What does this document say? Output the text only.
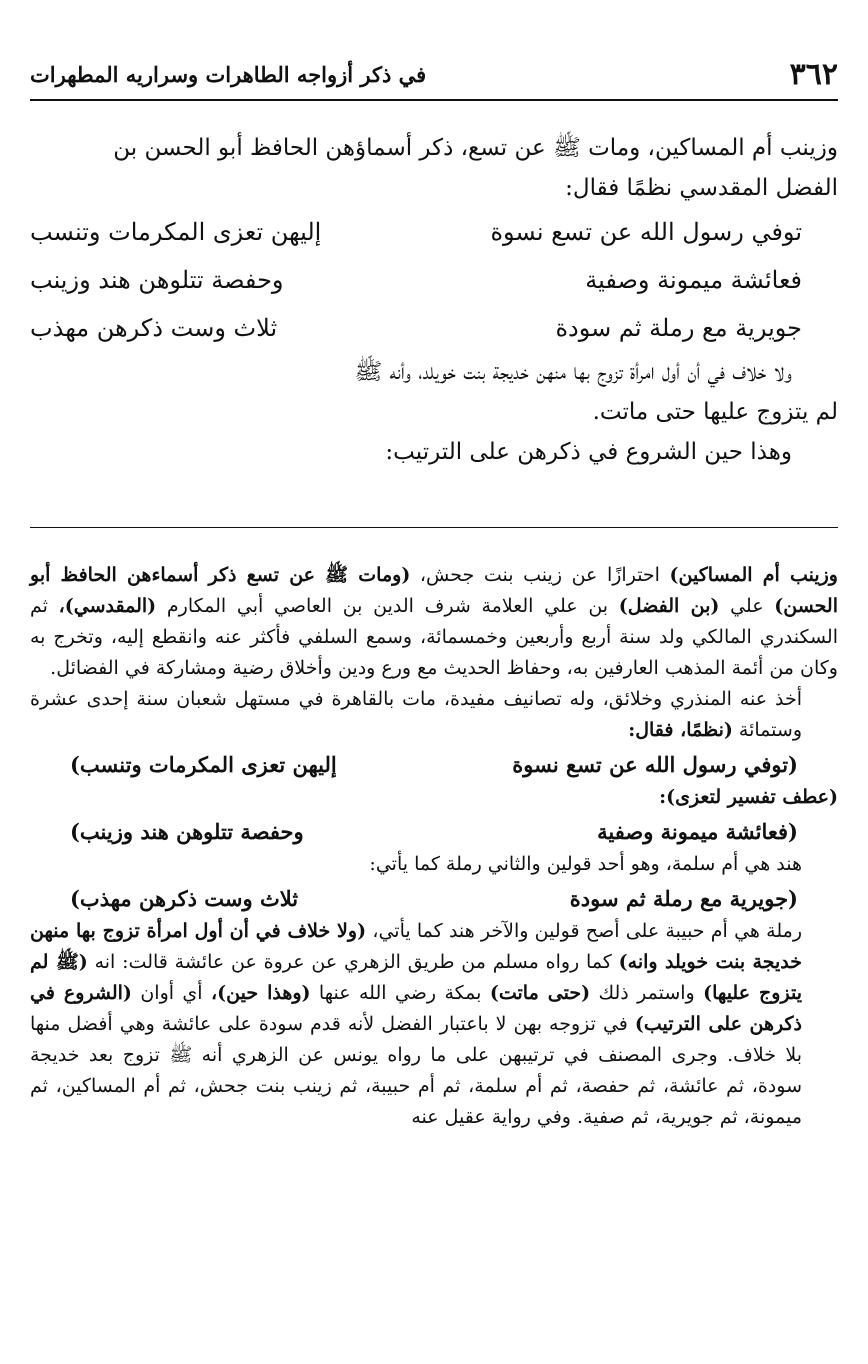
٣٦٢
في ذكر أزواجه الطاهرات وسراريه المطهرات

وزينب أم المساكين، ومات ﷺ عن تسع، ذكر أسماؤهن الحافظ أبو الحسن بن

الفضل المقدسي نظمًا فقال:

توفي رسول الله عن تسع نسوة
إليهن تعزى المكرمات وتنسب
فعائشة ميمونة وصفية
وحفصة تتلوهن هند وزينب
جويرية مع رملة ثم سودة
ثلاث وست ذكرهن مهذب

ولا خلاف في أن أول امرأة تزوج بها منهن خديجة بنت خويلد، وأنه ﷺ

لم يتزوج عليها حتى ماتت.

وهذا حين الشروع في ذكرهن على الترتيب:

وزينب أم المساكين) احترازًا عن زينب بنت جحش، (ومات ﷺ عن تسع ذكر أسماءهن الحافظ أبو الحسن) علي (بن الفضل) بن علي العلامة شرف الدين بن العاصي أبي المكارم (المقدسي)، ثم السكندري المالكي ولد سنة أربع وأربعين وخمسمائة، وسمع السلفي فأكثر عنه وانقطع إليه، وتخرج به وكان من أئمة المذهب العارفين به، وحفاظ الحديث مع ورع ودين وأخلاق رضية ومشاركة في الفضائل.

أخذ عنه المنذري وخلائق، وله تصانيف مفيدة، مات بالقاهرة في مستهل شعبان سنة إحدى عشرة وستمائة (نظمًا، فقال:

(توفي رسول الله عن تسع نسوة
إليهن تعزى المكرمات وتنسب)

(عطف تفسير لتعزى):

(فعائشة ميمونة وصفية
وحفصة تتلوهن هند وزينب)

هند هي أم سلمة، وهو أحد قولين والثاني رملة كما يأتي:

(جويرية مع رملة ثم سودة
ثلاث وست ذكرهن مهذب)

رملة هي أم حبيبة على أصح قولين والآخر هند كما يأتي، (ولا خلاف في أن أول امرأة تزوج بها منهن خديجة بنت خويلد وانه) كما رواه مسلم من طريق الزهري عن عروة عن عائشة قالت: انه (ﷺ لم يتزوج عليها) واستمر ذلك (حتى ماتت) بمكة رضي الله عنها (وهذا حين)، أي أوان (الشروع في ذكرهن على الترتيب) في تزوجه بهن لا باعتبار الفضل لأنه قدم سودة على عائشة وهي أفضل منها بلا خلاف. وجرى المصنف في ترتيبهن على ما رواه يونس عن الزهري أنه ﷺ تزوج بعد خديجة سودة، ثم عائشة، ثم حفصة، ثم أم سلمة، ثم أم حبيبة، ثم زينب بنت جحش، ثم أم المساكين، ثم ميمونة، ثم جويرية، ثم صفية. وفي رواية عقيل عنه
